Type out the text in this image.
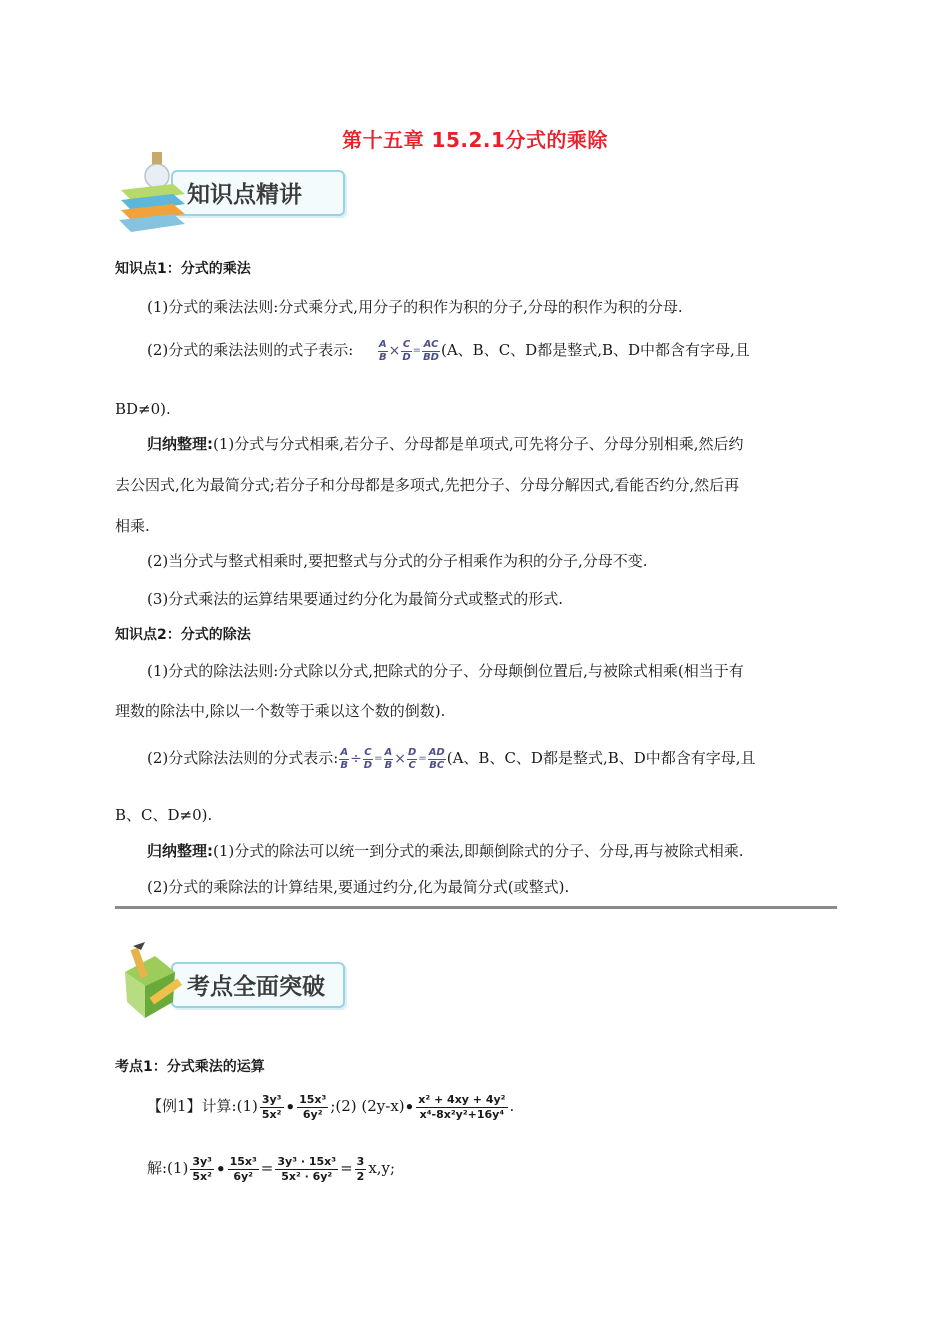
第十五章 15.2.1分式的乘除
知识点精讲
知识点1：分式的乘法
(1)分式的乘法法则:分式乘分式,用分子的积作为积的分子,分母的积作为积的分母.
(2)分式的乘法法则的式子表示: $\frac{A}{B} \times \frac{C}{D} = \frac{AC}{BD} (A$、B、C、D都是整式,B、D中都含有字母,且
BD≠0).
归纳整理:(1)分式与分式相乘,若分子、分母都是单项式,可先将分子、分母分别相乘,然后约
去公因式,化为最简分式;若分子和分母都是多项式,先把分子、分母分解因式,看能否约分,然后再
相乘.
(2)当分式与整式相乘时,要把整式与分式的分子相乘作为积的分子,分母不变.
(3)分式乘法的运算结果要通过约分化为最简分式或整式的形式.
知识点2：分式的除法
(1)分式的除法法则:分式除以分式,把除式的分子、分母颠倒位置后,与被除式相乘(相当于有
理数的除法中,除以一个数等于乘以这个数的倒数).
(2)分式除法法则的分式表示: $\frac{A}{B} \div \frac{C}{D} = \frac{A}{B} \times \frac{D}{C} = \frac{AD}{BC} (A$、B、C、D都是整式,B、D中都含有字母,且
B、C、D≠0).
归纳整理:(1)分式的除法可以统一到分式的乘法,即颠倒除式的分子、分母,再与被除式相乘.
(2)分式的乘除法的计算结果,要通过约分,化为最简分式(或整式).
考点全面突破
考点1：分式乘法的运算
【例1】计算:(1) $\frac{\text{3y³}}{\text{5x²}}$ • $\frac{\text{15x³}}{\text{6y²}}$ ;(2) (2y-x)• $\frac{\text{x² + 4xy + 4y²}}{\text{x⁴-8x²y²+16y⁴}}$ .
解:(1) $\frac{\text{3y³}}{\text{5x²}}$ • $\frac{\text{15x³}}{\text{6y²}} = \frac{\text{3y³ · 15x³}}{\text{5x² · 6y²}} = \frac{3}{2} x,y$;
